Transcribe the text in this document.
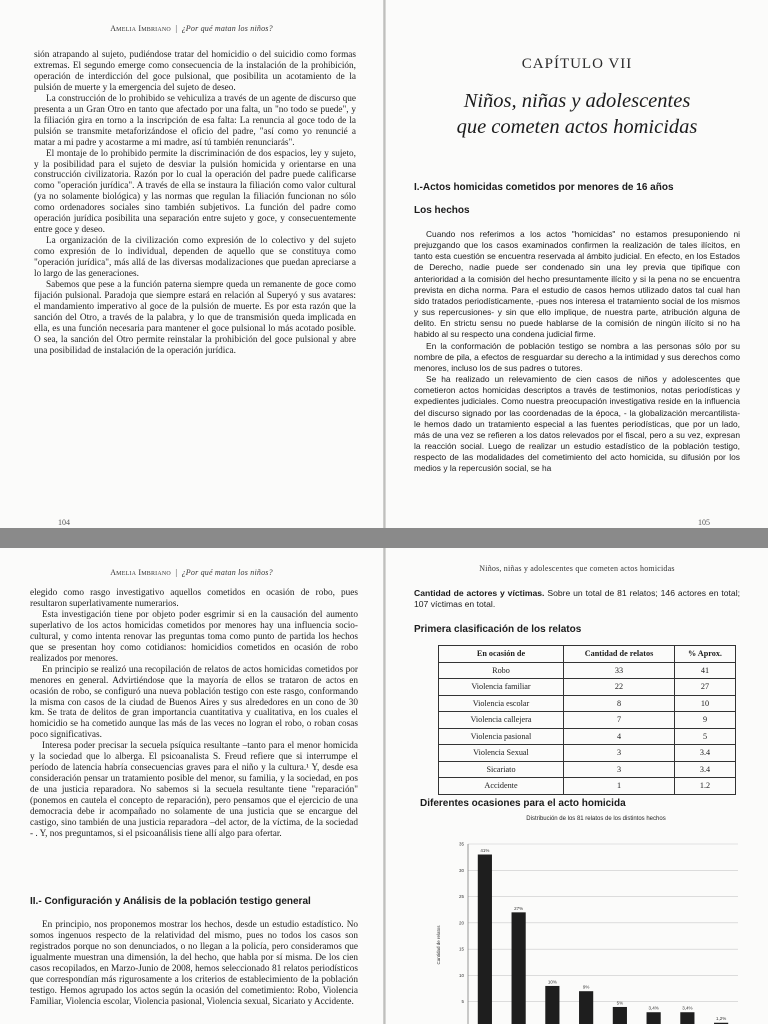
Amelia Imbriano  |  ¿Por qué matan los niños?

sión atrapando al sujeto, pudiéndose tratar del homicidio o del suicidio como formas extremas. El segundo emerge como consecuencia de la instalación de la prohibición, operación de interdicción del goce pulsional, que posibilita un acotamiento de la pulsión de muerte y la emergencia del sujeto de deseo.

La construcción de lo prohibido se vehiculiza a través de un agente de discurso que presenta a un Gran Otro en tanto que afectado por una falta, un "no todo se puede", y la filiación gira en torno a la inscripción de esa falta: La renuncia al goce todo de la pulsión se transmite metaforizándose el oficio del padre, "así como yo renuncié a matar a mi padre y acostarme a mi madre, así tú también renunciarás".

El montaje de lo prohibido permite la discriminación de dos espacios, ley y sujeto, y la posibilidad para el sujeto de desviar la pulsión homicida y orientarse en una construcción civilizatoria. Razón por lo cual la operación del padre puede calificarse como "operación jurídica". A través de ella se instaura la filiación como valor cultural (ya no solamente biológica) y las normas que regulan la filiación funcionan no sólo como ordenadores sociales sino también subjetivos. La función del padre como operación jurídica posibilita una separación entre sujeto y goce, y consecuentemente entre goce y deseo.

La organización de la civilización como expresión de lo colectivo y del sujeto como expresión de lo individual, dependen de aquello que se constituya como "operación jurídica", más allá de las diversas modalizaciones que puedan apreciarse a lo largo de las generaciones.

Sabemos que pese a la función paterna siempre queda un remanente de goce como fijación pulsional. Paradoja que siempre estará en relación al Superyó y sus avatares: el mandamiento imperativo al goce de la pulsión de muerte. Es por esta razón que la sanción del Otro, a través de la palabra, y lo que de transmisión queda implicada en ella, es una función necesaria para mantener el goce pulsional lo más acotado posible. O sea, la sanción del Otro permite reinstalar la prohibición del goce pulsional y abre una posibilidad de instalación de la operación jurídica.

104
CAPÍTULO VII
Niños, niñas y adolescentes
que cometen actos homicidas
I.-Actos homicidas cometidos por menores de 16 años
Los hechos

Cuando nos referimos a los actos "homicidas" no estamos presuponiendo ni prejuzgando que los casos examinados confirmen la realización de tales ilícitos, en tanto esta cuestión se encuentra reservada al ámbito judicial. En efecto, en los Estados de Derecho, nadie puede ser condenado sin una ley previa que tipifique con anterioridad a la comisión del hecho presuntamente ilícito y si la pena no se encuentra prevista en dicha norma. Para el estudio de casos hemos utilizado datos tal cual han sido tratados periodísticamente, -pues nos interesa el tratamiento social de los mismos y sus repercusiones- y sin que ello implique, de nuestra parte, atribución alguna de delito. En strictu sensu no puede hablarse de la comisión de ningún ilícito si no ha habido al su respecto una condena judicial firme.

En la conformación de población testigo se nombra a las personas sólo por su nombre de pila, a efectos de resguardar su derecho a la intimidad y sus derechos como menores, incluso los de sus padres o tutores.

Se ha realizado un relevamiento de cien casos de niños y adolescentes que cometieron actos homicidas descriptos a través de testimonios, notas periodísticas y expedientes judiciales. Como nuestra preocupación investigativa reside en la influencia del discurso signado por las coordenadas de la época, - la globalización mercantilista- le hemos dado un tratamiento especial a las fuentes periodísticas, que por un lado, más de una vez se refieren a los datos relevados por el fiscal, pero a su vez, expresan la reacción social. Luego de realizar un estudio estadístico de la población testigo, respecto de las modalidades del cometimiento del acto homicida, su difusión por los medios y la repercusión social, se ha

105
Amelia Imbriano  |  ¿Por qué matan los niños?

elegido como rasgo investigativo aquellos cometidos en ocasión de robo, pues resultaron superlativamente numerarios.

Esta investigación tiene por objeto poder esgrimir si en la causación del aumento superlativo de los actos homicidas cometidos por menores hay una influencia socio-cultural, y como intenta renovar las preguntas toma como punto de partida los hechos que se presentan hoy como cotidianos: homicidios cometidos en ocasión de robo realizados por menores.

En principio se realizó una recopilación de relatos de actos homicidas cometidos por menores en general. Advirtiéndose que la mayoría de ellos se trataron de actos en ocasión de robo, se configuró una nueva población testigo con este rasgo, conformando la misma con casos de la ciudad de Buenos Aires y sus alrededores en un cono de 30 km. Se trata de delitos de gran importancia cuantitativa y cualitativa, en los cuales el homicidio se ha cometido aunque las más de las veces no logran el robo, o roban cosas poco significativas.

Interesa poder precisar la secuela psíquica resultante –tanto para el menor homicida y la sociedad que lo alberga. El psicoanalista S. Freud refiere que si interrumpe el período de latencia habría consecuencias graves para el niño y la cultura.¹ Y, desde esa consideración pensar un tratamiento posible del menor, su familia, y la sociedad, en pos de una justicia reparadora. No sabemos si la secuela resultante tiene "reparación" (ponemos en cautela el concepto de reparación), pero pensamos que el ejercicio de una democracia debe ir acompañado no solamente de una justicia que se encargue del castigo, sino también de una justicia reparadora –del actor, de la víctima, de la sociedad - . Y, nos preguntamos, si el psicoanálisis tiene allí algo para ofertar.

II.- Configuración y Análisis de la población testigo general

En principio, nos proponemos mostrar los hechos, desde un estudio estadístico. No somos ingenuos respecto de la relatividad del mismo, pues no todos los casos son registrados porque no son denunciados, o no llegan a la policía, pero consideramos que igualmente muestran una dimensión, la del hecho, que habla por sí misma. De los cien casos recopilados, en Marzo-Junio de 2008, hemos seleccionado 81 relatos periodísticos que correspondían más rigurosamente a los criterios de establecimiento de la población testigo. Hemos agrupado los actos según la ocasión del cometimiento: Robo, Violencia Familiar, Violencia escolar, Violencia pasional, Violencia sexual, Sicariato y Accidente.

Niños, niñas y adolescentes que cometen actos homicidas

Cantidad de actores y víctimas. Sobre un total de 81 relatos; 146 actores en total; 107 víctimas en total.

Primera clasificación de los relatos
En ocasión de	Cantidad de relatos	% Aprox.
Robo	33	41
Violencia familiar	22	27
Violencia escolar	8	10
Violencia callejera	7	9
Violencia pasional	4	5
Violencia Sexual	3	3.4
Sicariato	3	3.4
Accidente	1	1.2
Diferentes ocasiones para el acto homicida
Distribución de los 81 relatos de los distintos hechos
Cantidad de relatos
5
10
15
20
25
30
35
41%
27%
10%
9%
5%
3,4%	3,4%
1,2%
